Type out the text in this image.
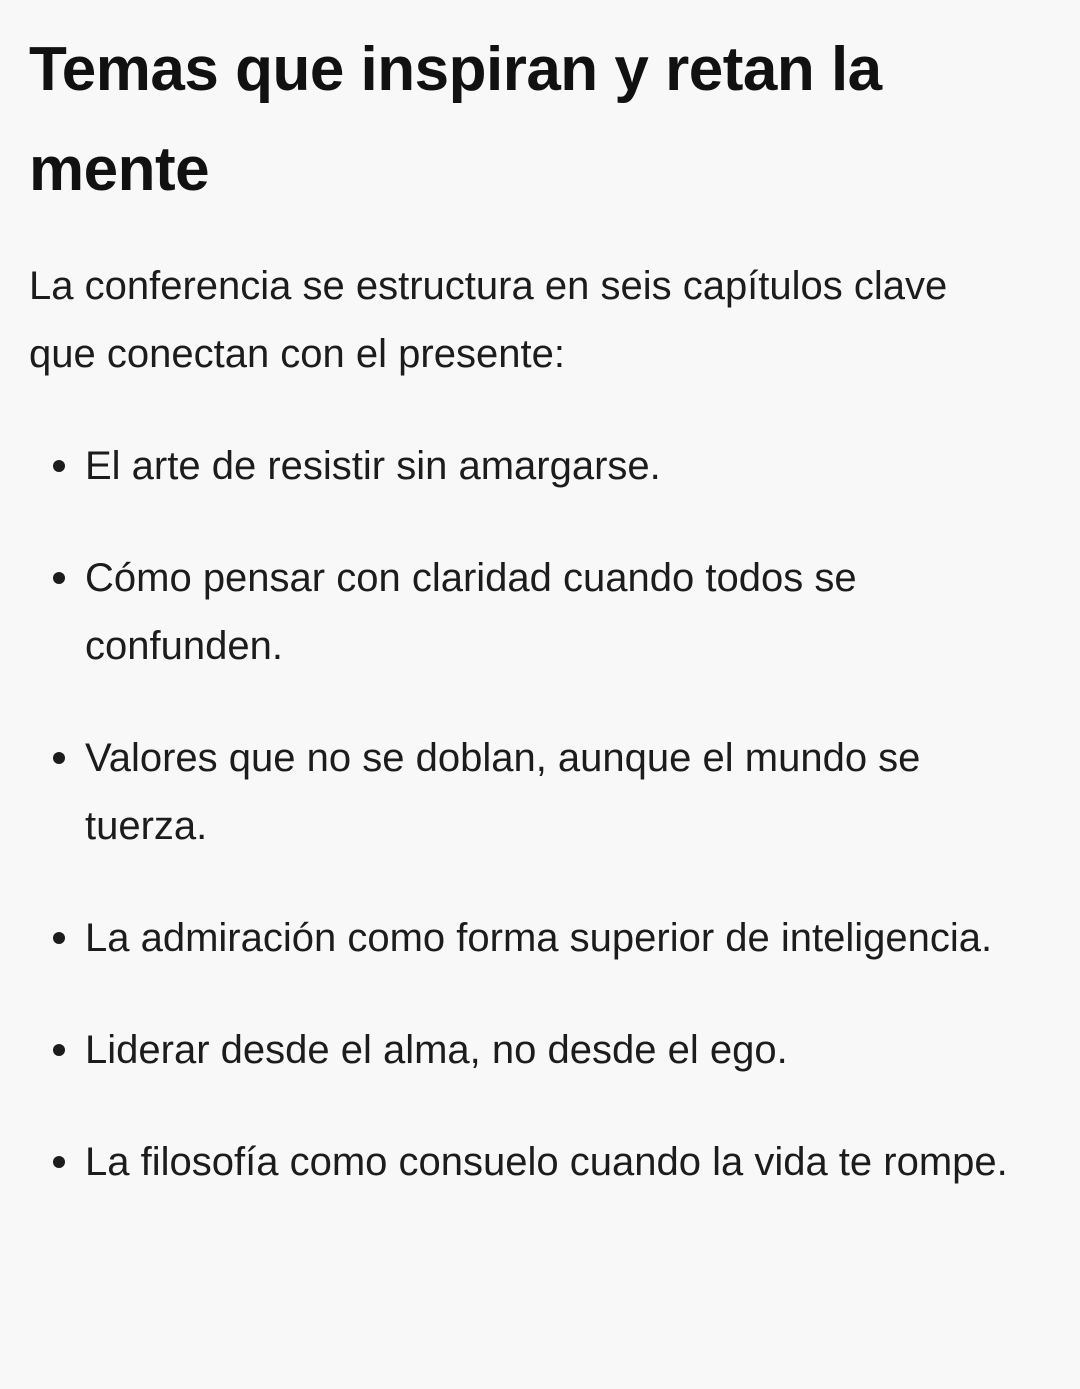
Temas que inspiran y retan la mente

La conferencia se estructura en seis capítulos clave que conectan con el presente:

El arte de resistir sin amargarse.
Cómo pensar con claridad cuando todos se confunden.
Valores que no se doblan, aunque el mundo se tuerza.
La admiración como forma superior de inteligencia.
Liderar desde el alma, no desde el ego.
La filosofía como consuelo cuando la vida te rompe.
